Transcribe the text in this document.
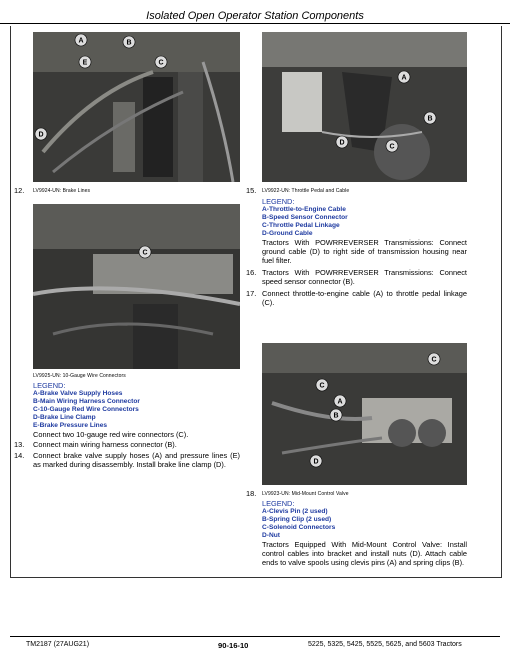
Isolated Open Operator Station Components
A	B
C
E
D
12. LV9924-UN: Brake Lines
A
B
C
D
15. LV9922-UN: Throttle Pedal and Cable
LEGEND:
A-Throttle-to-Engine Cable
B-Speed Sensor Connector
C-Throttle Pedal Linkage
D-Ground Cable
Tractors With POWRREVERSER Transmissions: Connect ground cable (D) to right side of transmission housing near fuel filter.
16. Tractors With POWRREVERSER Transmissions: Connect speed sensor connector (B).
17. Connect throttle-to-engine cable (A) to throttle pedal linkage (C).
C
LV9925-UN: 10-Gauge Wire Connectors
LEGEND:
A-Brake Valve Supply Hoses
B-Main Wiring Harness Connector
C-10-Gauge Red Wire Connectors
D-Brake Line Clamp
E-Brake Pressure Lines
Connect two 10-gauge red wire connectors (C).
13. Connect main wiring harness connector (B).
14. Connect brake valve supply hoses (A) and pressure lines (E) as marked during disassembly. Install brake line clamp (D).
C
C
A
B
D
18. LV9923-UN: Mid-Mount Control Valve
LEGEND:
A-Clevis Pin (2 used)
B-Spring Clip (2 used)
C-Solenoid Connectors
D-Nut
Tractors Equipped With Mid-Mount Control Valve: Install control cables into bracket and install nuts (D). Attach cable ends to valve spools using clevis pins (A) and spring clips (B).
TM2187 (27AUG21)	90-16-10	5225, 5325, 5425, 5525, 5625, and 5603 Tractors
